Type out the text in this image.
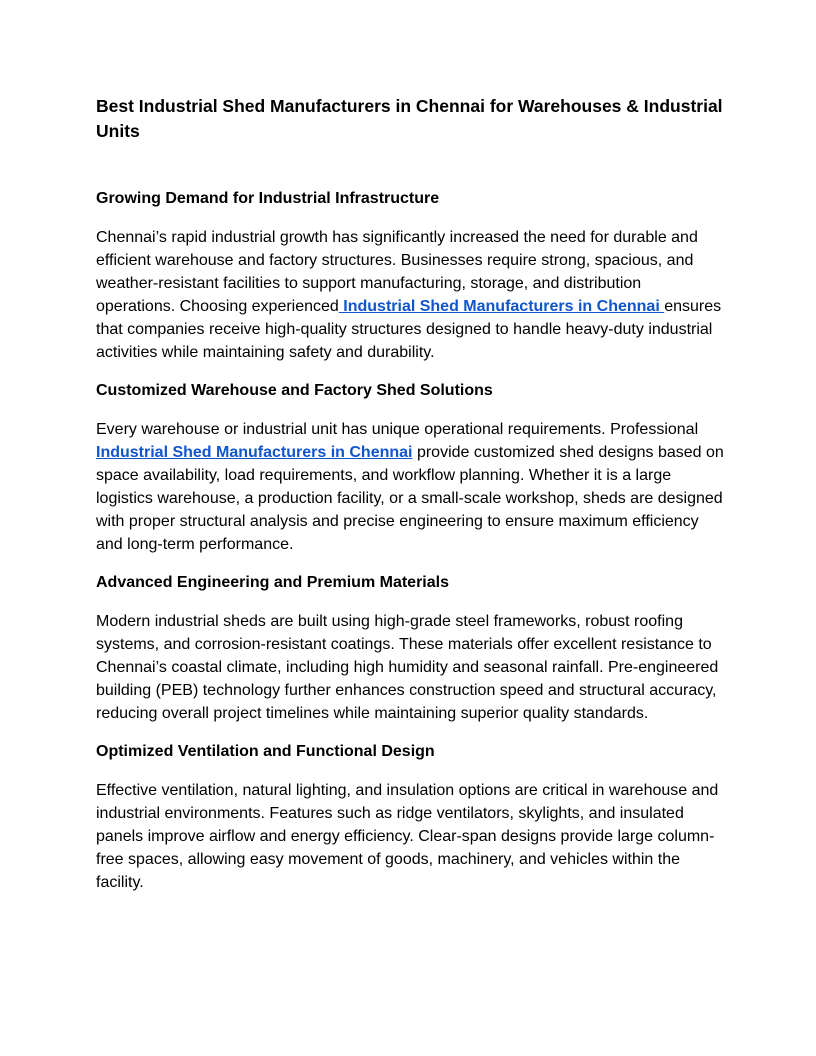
Best Industrial Shed Manufacturers in Chennai for Warehouses & Industrial Units
Growing Demand for Industrial Infrastructure

Chennai’s rapid industrial growth has significantly increased the need for durable and efficient warehouse and factory structures. Businesses require strong, spacious, and weather-resistant facilities to support manufacturing, storage, and distribution operations. Choosing experienced Industrial Shed Manufacturers in Chennai ensures that companies receive high-quality structures designed to handle heavy-duty industrial activities while maintaining safety and durability.

Customized Warehouse and Factory Shed Solutions

Every warehouse or industrial unit has unique operational requirements. Professional Industrial Shed Manufacturers in Chennai provide customized shed designs based on space availability, load requirements, and workflow planning. Whether it is a large logistics warehouse, a production facility, or a small-scale workshop, sheds are designed with proper structural analysis and precise engineering to ensure maximum efficiency and long-term performance.

Advanced Engineering and Premium Materials

Modern industrial sheds are built using high-grade steel frameworks, robust roofing systems, and corrosion-resistant coatings. These materials offer excellent resistance to Chennai’s coastal climate, including high humidity and seasonal rainfall. Pre-engineered building (PEB) technology further enhances construction speed and structural accuracy, reducing overall project timelines while maintaining superior quality standards.

Optimized Ventilation and Functional Design

Effective ventilation, natural lighting, and insulation options are critical in warehouse and industrial environments. Features such as ridge ventilators, skylights, and insulated panels improve airflow and energy efficiency. Clear-span designs provide large column-free spaces, allowing easy movement of goods, machinery, and vehicles within the facility.
